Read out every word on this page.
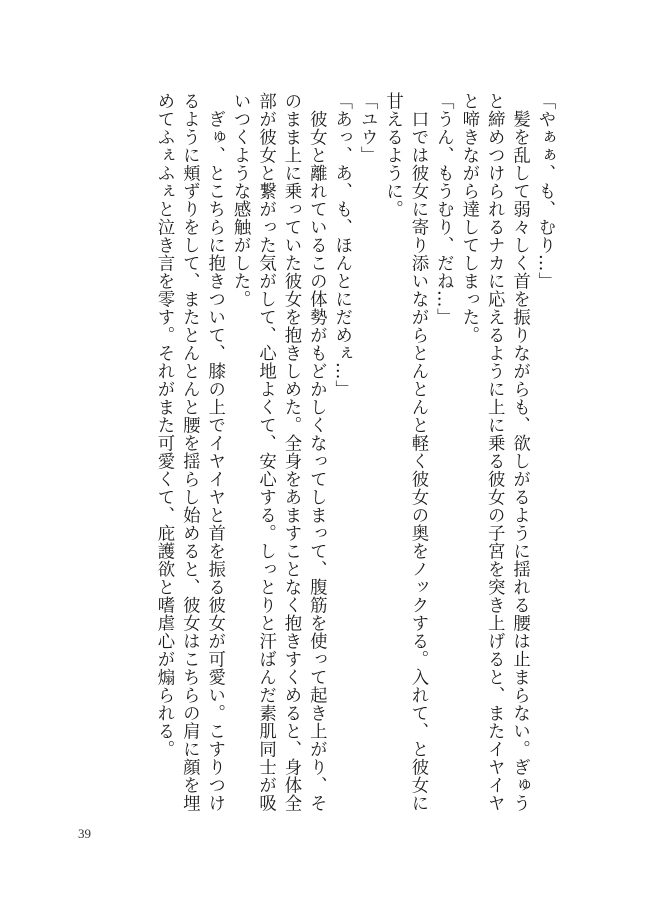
「やぁぁ、も、むり…」

　髪を乱して弱々しく首を振りながらも、欲しがるように揺れる腰は止まらない。ぎゅうと締めつけられるナカに応えるように上に乗る彼女の子宮を突き上げると、またイヤイヤと啼きながら達してしまった。

「うん、もうむり、だね…」

　口では彼女に寄り添いながらとんとんと軽く彼女の奥をノックする。入れて、と彼女に甘えるように。

「ユウ」

「あっ、あ、も、ほんとにだめぇ…」

　彼女と離れているこの体勢がもどかしくなってしまって、腹筋を使って起き上がり、そのまま上に乗っていた彼女を抱きしめた。全身をあますことなく抱きすくめると、身体全部が彼女と繋がった気がして、心地よくて、安心する。しっとりと汗ばんだ素肌同士が吸いつくような感触がした。

　ぎゅ、とこちらに抱きついて、膝の上でイヤイヤと首を振る彼女が可愛い。こすりつけるように頬ずりをして、またとんとんと腰を揺らし始めると、彼女はこちらの肩に顔を埋めてふぇふぇと泣き言を零す。それがまた可愛くて、庇護欲と嗜虐心が煽られる。

39
